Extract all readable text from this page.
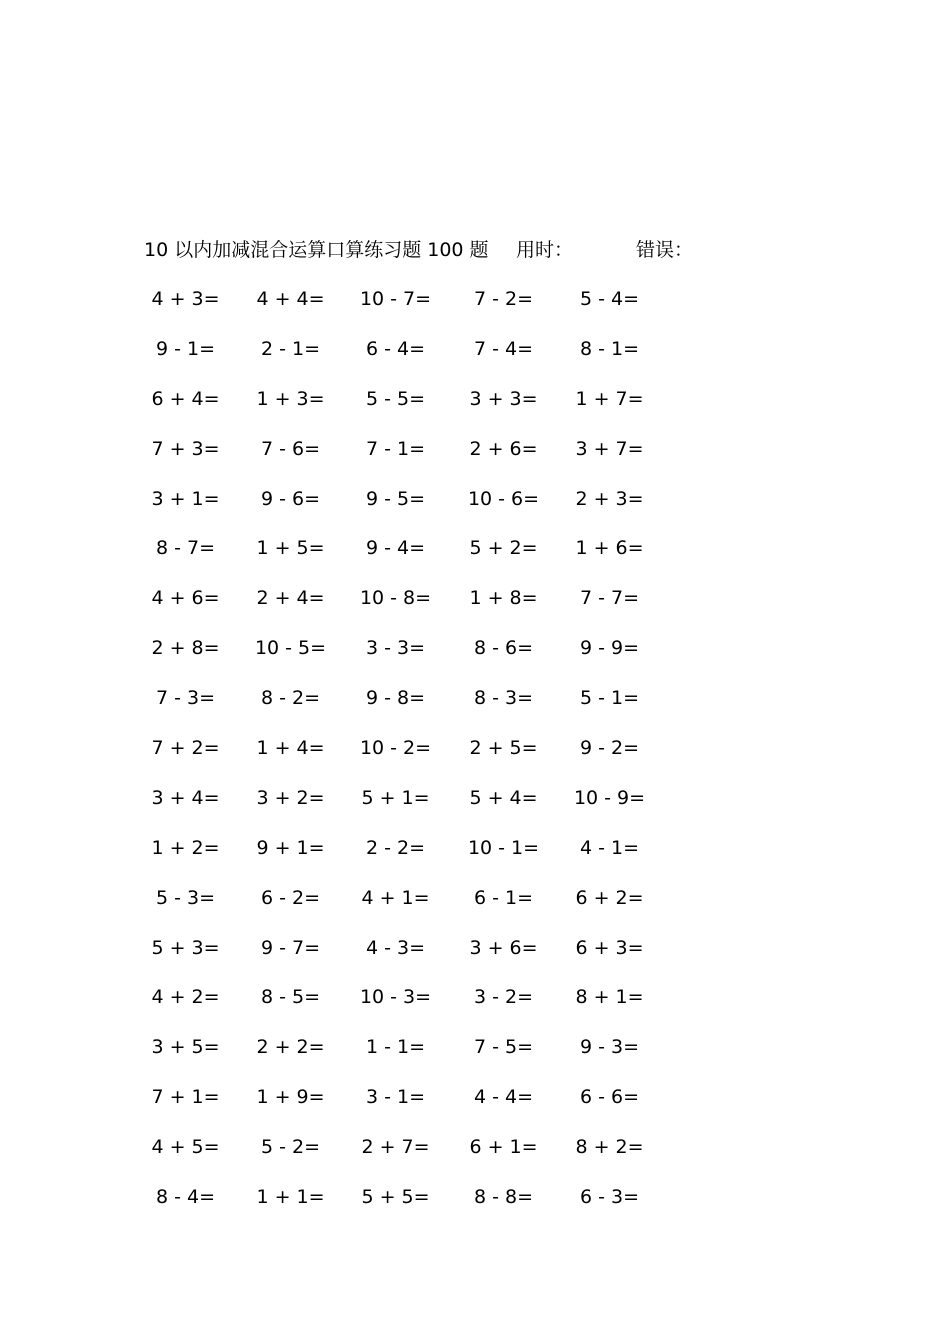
10 以内加减混合运算口算练习题 100 题 用时：	错误：
4 + 3=	4 + 4=	10 - 7=	7 - 2=	5 - 4=
9 - 1=	2 - 1=	6 - 4=	7 - 4=	8 - 1=
6 + 4=	1 + 3=	5 - 5=	3 + 3=	1 + 7=
7 + 3=	7 - 6=	7 - 1=	2 + 6=	3 + 7=
3 + 1=	9 - 6=	9 - 5=	10 - 6=	2 + 3=
8 - 7=	1 + 5=	9 - 4=	5 + 2=	1 + 6=
4 + 6=	2 + 4=	10 - 8=	1 + 8=	7 - 7=
2 + 8=	10 - 5=	3 - 3=	8 - 6=	9 - 9=
7 - 3=	8 - 2=	9 - 8=	8 - 3=	5 - 1=
7 + 2=	1 + 4=	10 - 2=	2 + 5=	9 - 2=
3 + 4=	3 + 2=	5 + 1=	5 + 4=	10 - 9=
1 + 2=	9 + 1=	2 - 2=	10 - 1=	4 - 1=
5 - 3=	6 - 2=	4 + 1=	6 - 1=	6 + 2=
5 + 3=	9 - 7=	4 - 3=	3 + 6=	6 + 3=
4 + 2=	8 - 5=	10 - 3=	3 - 2=	8 + 1=
3 + 5=	2 + 2=	1 - 1=	7 - 5=	9 - 3=
7 + 1=	1 + 9=	3 - 1=	4 - 4=	6 - 6=
4 + 5=	5 - 2=	2 + 7=	6 + 1=	8 + 2=
8 - 4=	1 + 1=	5 + 5=	8 - 8=	6 - 3=
